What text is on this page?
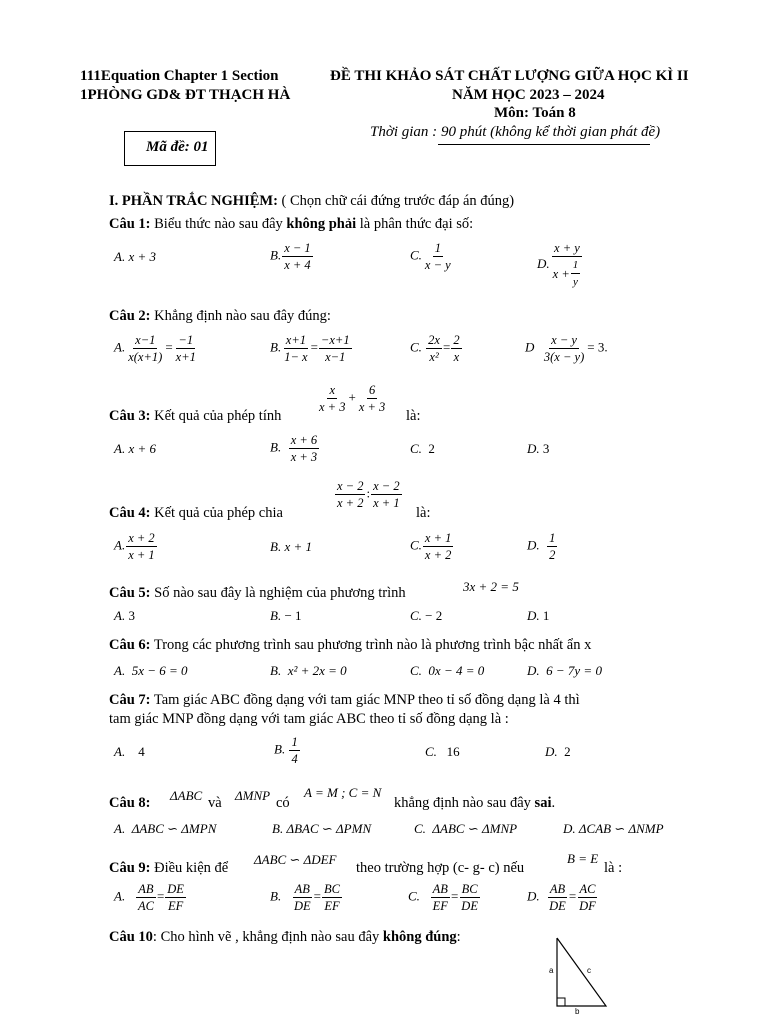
111Equation Chapter 1 Section
1PHÒNG GD& ĐT THẠCH HÀ
ĐỀ THI KHẢO SÁT CHẤT LƯỢNG GIỮA HỌC KÌ II
NĂM HỌC 2023 – 2024
Môn: Toán 8
Thời gian : 90 phút (không kể thời gian phát đề)
Mã đề: 01
I. PHẦN TRẮC NGHIỆM: ( Chọn chữ cái đứng trước đáp án đúng)
Câu 1: Biểu thức nào sau đây không phải là phân thức đại số:
A. x + 3	B. $\frac{x - 1}{x + 4}$	C. $\frac{1}{x - y}$	D. $\frac{x + y}{x + \frac{1}{y}}$
Câu 2: Khẳng định nào sau đây đúng:
A. $\frac{x-1}{x(x+1)} = \frac{-1}{x+1}$	B. $\frac{x+1}{1- x} = \frac{-x+1}{x-1}$	C. $\frac{2x}{\text{x²}} = \frac{2}{x}$	D $\frac{x - y}{3(x - y)} = 3$.
$\frac{x}{x + 3} + \frac{6}{x + 3}$
Câu 3: Kết quả của phép tính	là:
A. x + 6	B. $\frac{x + 6}{x + 3}$	C. 2	D. 3
$\frac{x - 2}{x + 2}$ : $\frac{x - 2}{x + 1}$
Câu 4: Kết quả của phép chia	là:
A. $\frac{x + 2}{x + 1}$	B. x + 1	C. $\frac{x + 1}{x + 2}$	D. $\frac{1}{2}$
Câu 5: Số nào sau đây là nghiệm của phương trình	3x + 2 = 5
A. 3	B. − 1	C. − 2	D. 1
Câu 6: Trong các phương trình sau phương trình nào là phương trình bậc nhất ẩn x
A. 5x − 6 = 0	B. x² + 2x = 0	C. 0x − 4 = 0	D. 6 − 7y = 0
Câu 7: Tam giác ABC đồng dạng với tam giác MNP theo tỉ số đồng dạng là 4 thì
tam giác MNP đồng dạng với tam giác ABC theo tỉ số đồng dạng là :
A. 4	B. $\frac{1}{4}$	C. 16	D. 2
Câu 8: ΔABC và ΔMNP có
A = M ; C = N
khẳng định nào sau đây sai.
A. ΔABC ∽ ΔMPN	B. ΔBAC ∽ ΔPMN	C. ΔABC ∽ ΔMNP	D. ΔCAB ∽ ΔNMP
Câu 9: Điều kiện để
ΔABC ∽ ΔDEF
theo trường hợp (c- g- c) nếu
B = E
là :
A. $\frac{AB}{AC} = \frac{DE}{EF}$	B. $\frac{AB}{DE} = \frac{BC}{EF}$	C. $\frac{AB}{EF} = \frac{BC}{DE}$	D. $\frac{AB}{DE} = \frac{AC}{DF}$
Câu 10: Cho hình vẽ , khẳng định nào sau đây không đúng:
a	c
b
